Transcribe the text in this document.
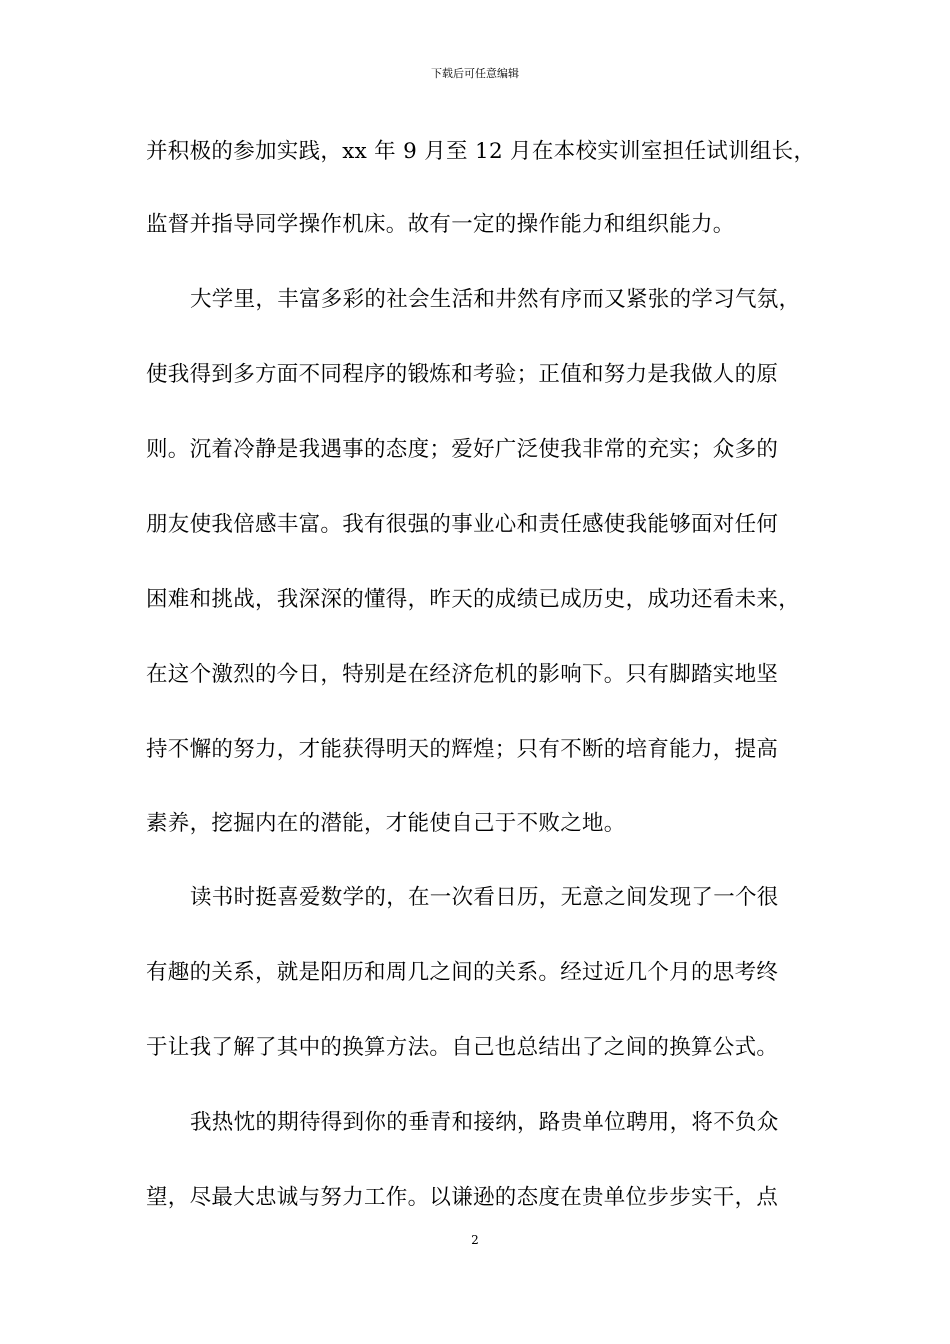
下载后可任意编辑
并积极的参加实践，xx 年 9 月至 12 月在本校实训室担任试训组长，
监督并指导同学操作机床。故有一定的操作能力和组织能力。
大学里，丰富多彩的社会生活和井然有序而又紧张的学习气氛，
使我得到多方面不同程序的锻炼和考验；正值和努力是我做人的原
则。沉着冷静是我遇事的态度；爱好广泛使我非常的充实；众多的
朋友使我倍感丰富。我有很强的事业心和责任感使我能够面对任何
困难和挑战，我深深的懂得，昨天的成绩已成历史，成功还看未来，
在这个激烈的今日，特别是在经济危机的影响下。只有脚踏实地坚
持不懈的努力，才能获得明天的辉煌；只有不断的培育能力，提高
素养，挖掘内在的潜能，才能使自己于不败之地。
读书时挺喜爱数学的，在一次看日历，无意之间发现了一个很
有趣的关系，就是阳历和周几之间的关系。经过近几个月的思考终
于让我了解了其中的换算方法。自己也总结出了之间的换算公式。
我热忱的期待得到你的垂青和接纳，路贵单位聘用，将不负众
望，尽最大忠诚与努力工作。以谦逊的态度在贵单位步步实干，点
2
